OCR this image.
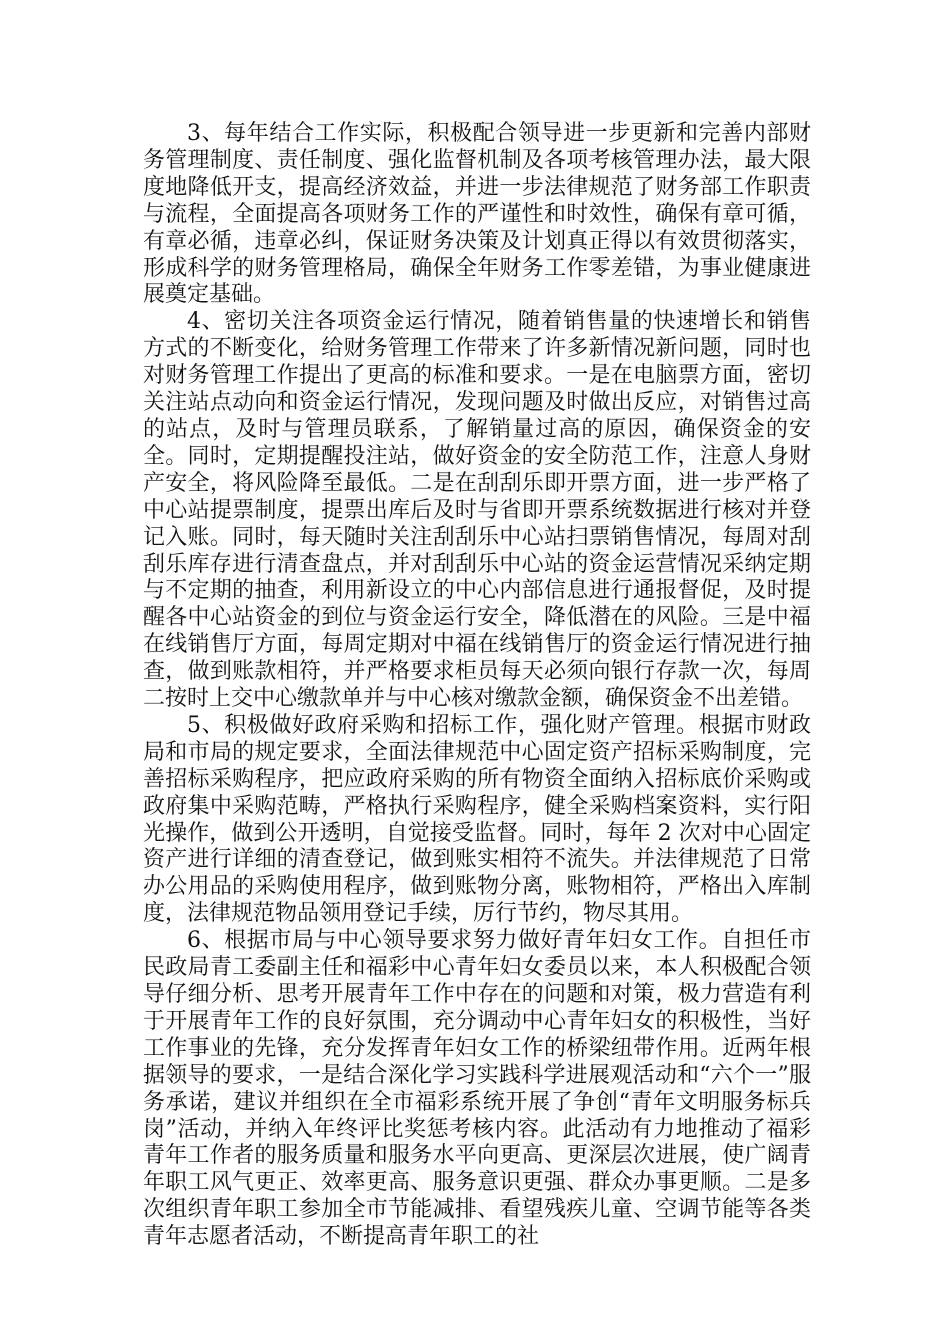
3、每年结合工作实际，积极配合领导进一步更新和完善内部财务管理制度、责任制度、强化监督机制及各项考核管理办法，最大限度地降低开支，提高经济效益，并进一步法律规范了财务部工作职责与流程，全面提高各项财务工作的严谨性和时效性，确保有章可循，有章必循，违章必纠，保证财务决策及计划真正得以有效贯彻落实，形成科学的财务管理格局，确保全年财务工作零差错，为事业健康进展奠定基础。

4、密切关注各项资金运行情况，随着销售量的快速增长和销售方式的不断变化，给财务管理工作带来了许多新情况新问题，同时也对财务管理工作提出了更高的标准和要求。一是在电脑票方面，密切关注站点动向和资金运行情况，发现问题及时做出反应，对销售过高的站点，及时与管理员联系，了解销量过高的原因，确保资金的安全。同时，定期提醒投注站，做好资金的安全防范工作，注意人身财产安全，将风险降至最低。二是在刮刮乐即开票方面，进一步严格了中心站提票制度，提票出库后及时与省即开票系统数据进行核对并登记入账。同时，每天随时关注刮刮乐中心站扫票销售情况，每周对刮刮乐库存进行清查盘点，并对刮刮乐中心站的资金运营情况采纳定期与不定期的抽查，利用新设立的中心内部信息进行通报督促，及时提醒各中心站资金的到位与资金运行安全，降低潜在的风险。三是中福在线销售厅方面，每周定期对中福在线销售厅的资金运行情况进行抽查，做到账款相符，并严格要求柜员每天必须向银行存款一次，每周二按时上交中心缴款单并与中心核对缴款金额，确保资金不出差错。

5、积极做好政府采购和招标工作，强化财产管理。根据市财政局和市局的规定要求，全面法律规范中心固定资产招标采购制度，完善招标采购程序，把应政府采购的所有物资全面纳入招标底价采购或政府集中采购范畴，严格执行采购程序，健全采购档案资料，实行阳光操作，做到公开透明，自觉接受监督。同时，每年 2 次对中心固定资产进行详细的清查登记，做到账实相符不流失。并法律规范了日常办公用品的采购使用程序，做到账物分离，账物相符，严格出入库制度，法律规范物品领用登记手续，厉行节约，物尽其用。

6、根据市局与中心领导要求努力做好青年妇女工作。自担任市民政局青工委副主任和福彩中心青年妇女委员以来，本人积极配合领导仔细分析、思考开展青年工作中存在的问题和对策，极力营造有利于开展青年工作的良好氛围，充分调动中心青年妇女的积极性，当好工作事业的先锋，充分发挥青年妇女工作的桥梁纽带作用。近两年根据领导的要求，一是结合深化学习实践科学进展观活动和“六个一”服务承诺，建议并组织在全市福彩系统开展了争创“青年文明服务标兵岗”活动，并纳入年终评比奖惩考核内容。此活动有力地推动了福彩青年工作者的服务质量和服务水平向更高、更深层次进展，使广阔青年职工风气更正、效率更高、服务意识更强、群众办事更顺。二是多次组织青年职工参加全市节能减排、看望残疾儿童、空调节能等各类青年志愿者活动，不断提高青年职工的社
